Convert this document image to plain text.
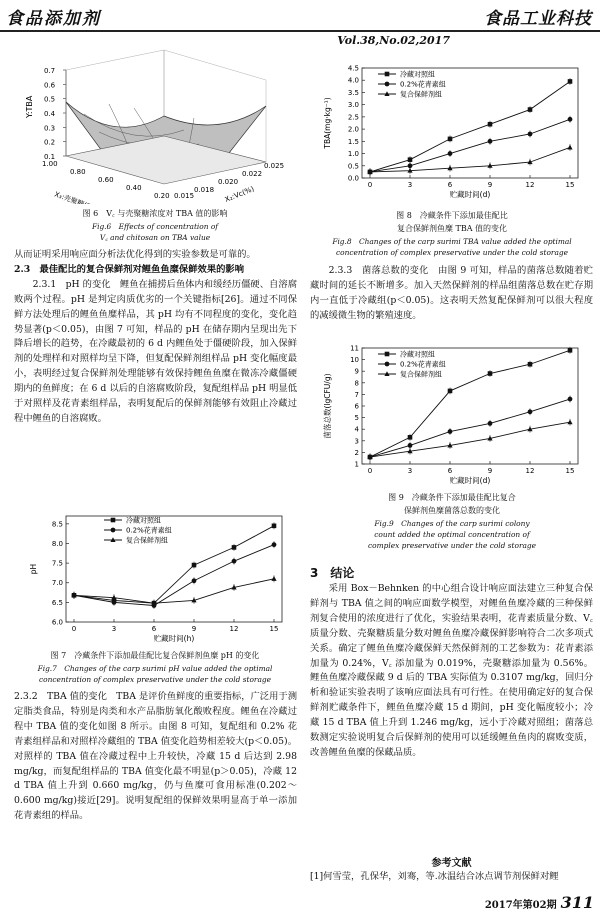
食品添加剂	食品工业科技
Vol.38,No.02,2017
0.7
0.6
0.5
0.4
0.3
0.2
0.1
Y:TBA
1.00
0.80
0.60
0.40
0.20
X₃:壳聚糖(%)	0.015
0.018
0.020
0.022
0.025
X₂:Vc(%)
图 6　V꜀ 与壳聚糖浓度对 TBA 值的影响
Fig.6　Effects of concentration of
V꜀ and chitosan on TBA value

从而证明采用响应面分析法优化得到的实验参数是可靠的。

2.3　最佳配比的复合保鲜剂对鲤鱼鱼糜保鲜效果的影响

2.3.1　pH 的变化　鲤鱼在捕捞后鱼体内和缓经历僵硬、自溶腐败两个过程。pH 是判定肉质优劣的一个关键指标[26]。通过不同保鲜方法处理后的鲤鱼鱼糜样品，其 pH 均有不同程度的变化，变化趋势显著(p＜0.05)，由图 7 可知，样品的 pH 在储存期内呈现出先下降后增长的趋势，在冷藏最初的 6 d 内鲤鱼处于僵硬阶段，加入保鲜剂的处理样和对照样均呈下降，但复配保鲜剂组样品 pH 变化幅度最小，表明经过复合保鲜剂处理能够有效保持鲤鱼鱼糜在微冻冷藏僵硬期内的鱼鲜度；在 6 d 以后的自溶腐败阶段，复配组样品 pH 明显低于对照样及花青素组样品，表明复配后的保鲜剂能够有效阻止冷藏过程中鲤鱼的自溶腐败。

6.0
6.5
7.0
7.5
8.0
8.5
0	3	6	9	12	15
贮藏时间(h)
pH
冷藏对照组
0.2%花青素组
复合保鲜剂组
图 7　冷藏条件下添加最佳配比复合保鲜剂鱼糜 pH 的变化
Fig.7　Changes of the carp surimi pH value added the optimal
concentration of complex preservative under the cold storage

2.3.2　TBA 值的变化　TBA 是评价鱼鲜度的重要指标，广泛用于测定脂类食品，特别是肉类和水产品脂肪氧化酸败程度。鲤鱼在冷藏过程中 TBA 值的变化如图 8 所示。由图 8 可知，复配组和 0.2% 花青素组样品和对照样冷藏组的 TBA 值变化趋势相差较大(p＜0.05)。对照样的 TBA 值在冷藏过程中上升较快，冷藏 15 d 后达到 2.98 mg/kg，而复配组样品的 TBA 值变化最不明显(p＞0.05)，冷藏 12 d TBA 值上升到 0.660 mg/kg，仍与鱼糜可食用标准(0.202～0.600 mg/kg)接近[29]。说明复配组的保鲜效果明显高于单一添加花青素组的样品。

0.0
0.5
1.0
1.5
2.0
2.5
3.0
3.5
4.0
4.5
0	3	6	9	12	15
贮藏时间(d)
TBA(mg·kg⁻¹)
冷藏对照组
0.2%花青素组
复合保鲜剂组
图 8　冷藏条件下添加最佳配比
复合保鲜剂鱼糜 TBA 值的变化
Fig.8　Changes of the carp surimi TBA value added the optimal
concentration of complex preservative under the cold storage

2.3.3　菌落总数的变化　由图 9 可知，样品的菌落总数随着贮藏时间的延长不断增多。加入天然保鲜剂的样品组菌落总数在贮存期内一直低于冷藏组(p＜0.05)。这表明天然复配保鲜剂可以很大程度的减缓微生物的繁殖速度。

1
2
3
4
5
6
7
8
9
10
11
0	3	6	9	12	15
贮藏时间(d)
菌落总数(lgCFU/g)
冷藏对照组
0.2%花青素组
复合保鲜剂组
图 9　冷藏条件下添加最佳配比复合
保鲜剂鱼糜菌落总数的变化
Fig.9　Changes of the carp surimi colony
count added the optimal concentration of
complex preservative under the cold storage
3　结论

采用 Box－Behnken 的中心组合设计响应面法建立三种复合保鲜剂与 TBA 值之间的响应面数学模型，对鲤鱼鱼糜冷藏的三种保鲜剂复合使用的浓度进行了优化，实验结果表明，花青素质量分数、V꜀ 质量分数、壳聚糖质量分数对鲤鱼鱼糜冷藏保鲜影响符合二次多项式关系。确定了鲤鱼鱼糜冷藏保鲜天然保鲜剂的工艺参数为：花青素添加量为 0.24%，V꜀ 添加量为 0.019%，壳聚糖添加量为 0.56%。鲤鱼鱼糜冷藏保藏 9 d 后的 TBA 实际值为 0.3107 mg/kg，回归分析和验证实验表明了该响应面法具有可行性。在使用确定好的复合保鲜剂贮藏条件下，鲤鱼鱼糜冷藏 15 d 期间，pH 变化幅度较小；冷藏 15 d TBA 值上升到 1.246 mg/kg，远小于冷藏对照组；菌落总数测定实验说明复合后保鲜剂的使用可以延缓鲤鱼鱼肉的腐败变质，改善鲤鱼鱼糜的保藏品质。

参考文献
[1]何雪莹，孔保华，刘骞，等.冰温结合冰点调节剂保鲜对鲤
2017年第02期 311
